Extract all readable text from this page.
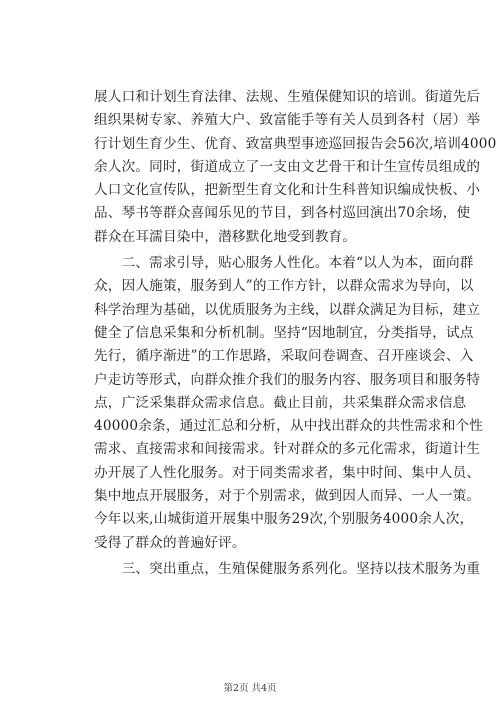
展人口和计划生育法律、法规、生殖保健知识的培训。街道先后
组织果树专家、养殖大户、致富能手等有关人员到各村（居）举
行计划生育少生、优育、致富典型事迹巡回报告会56次,培训4000
余人次。同时，街道成立了一支由文艺骨干和计生宣传员组成的
人口文化宣传队，把新型生育文化和计生科普知识编成快板、小
品、琴书等群众喜闻乐见的节目，到各村巡回演出70余场，使
群众在耳濡目染中，潜移默化地受到教育。

　　二、需求引导，贴心服务人性化。本着“以人为本，面向群
众，因人施策，服务到人”的工作方针，以群众需求为导向，以
科学治理为基础，以优质服务为主线，以群众满足为目标，建立
健全了信息采集和分析机制。坚持“因地制宜，分类指导，试点
先行，循序渐进”的工作思路，采取问卷调查、召开座谈会、入
户走访等形式，向群众推介我们的服务内容、服务项目和服务特
点，广泛采集群众需求信息。截止目前，共采集群众需求信息
40000余条，通过汇总和分析，从中找出群众的共性需求和个性
需求、直接需求和间接需求。针对群众的多元化需求，街道计生
办开展了人性化服务。对于同类需求者，集中时间、集中人员、
集中地点开展服务，对于个别需求，做到因人而异、一人一策。
今年以来,山城街道开展集中服务29次,个别服务4000余人次，
受得了群众的普遍好评。

　　三、突出重点，生殖保健服务系列化。坚持以技术服务为重

第2页 共4页
